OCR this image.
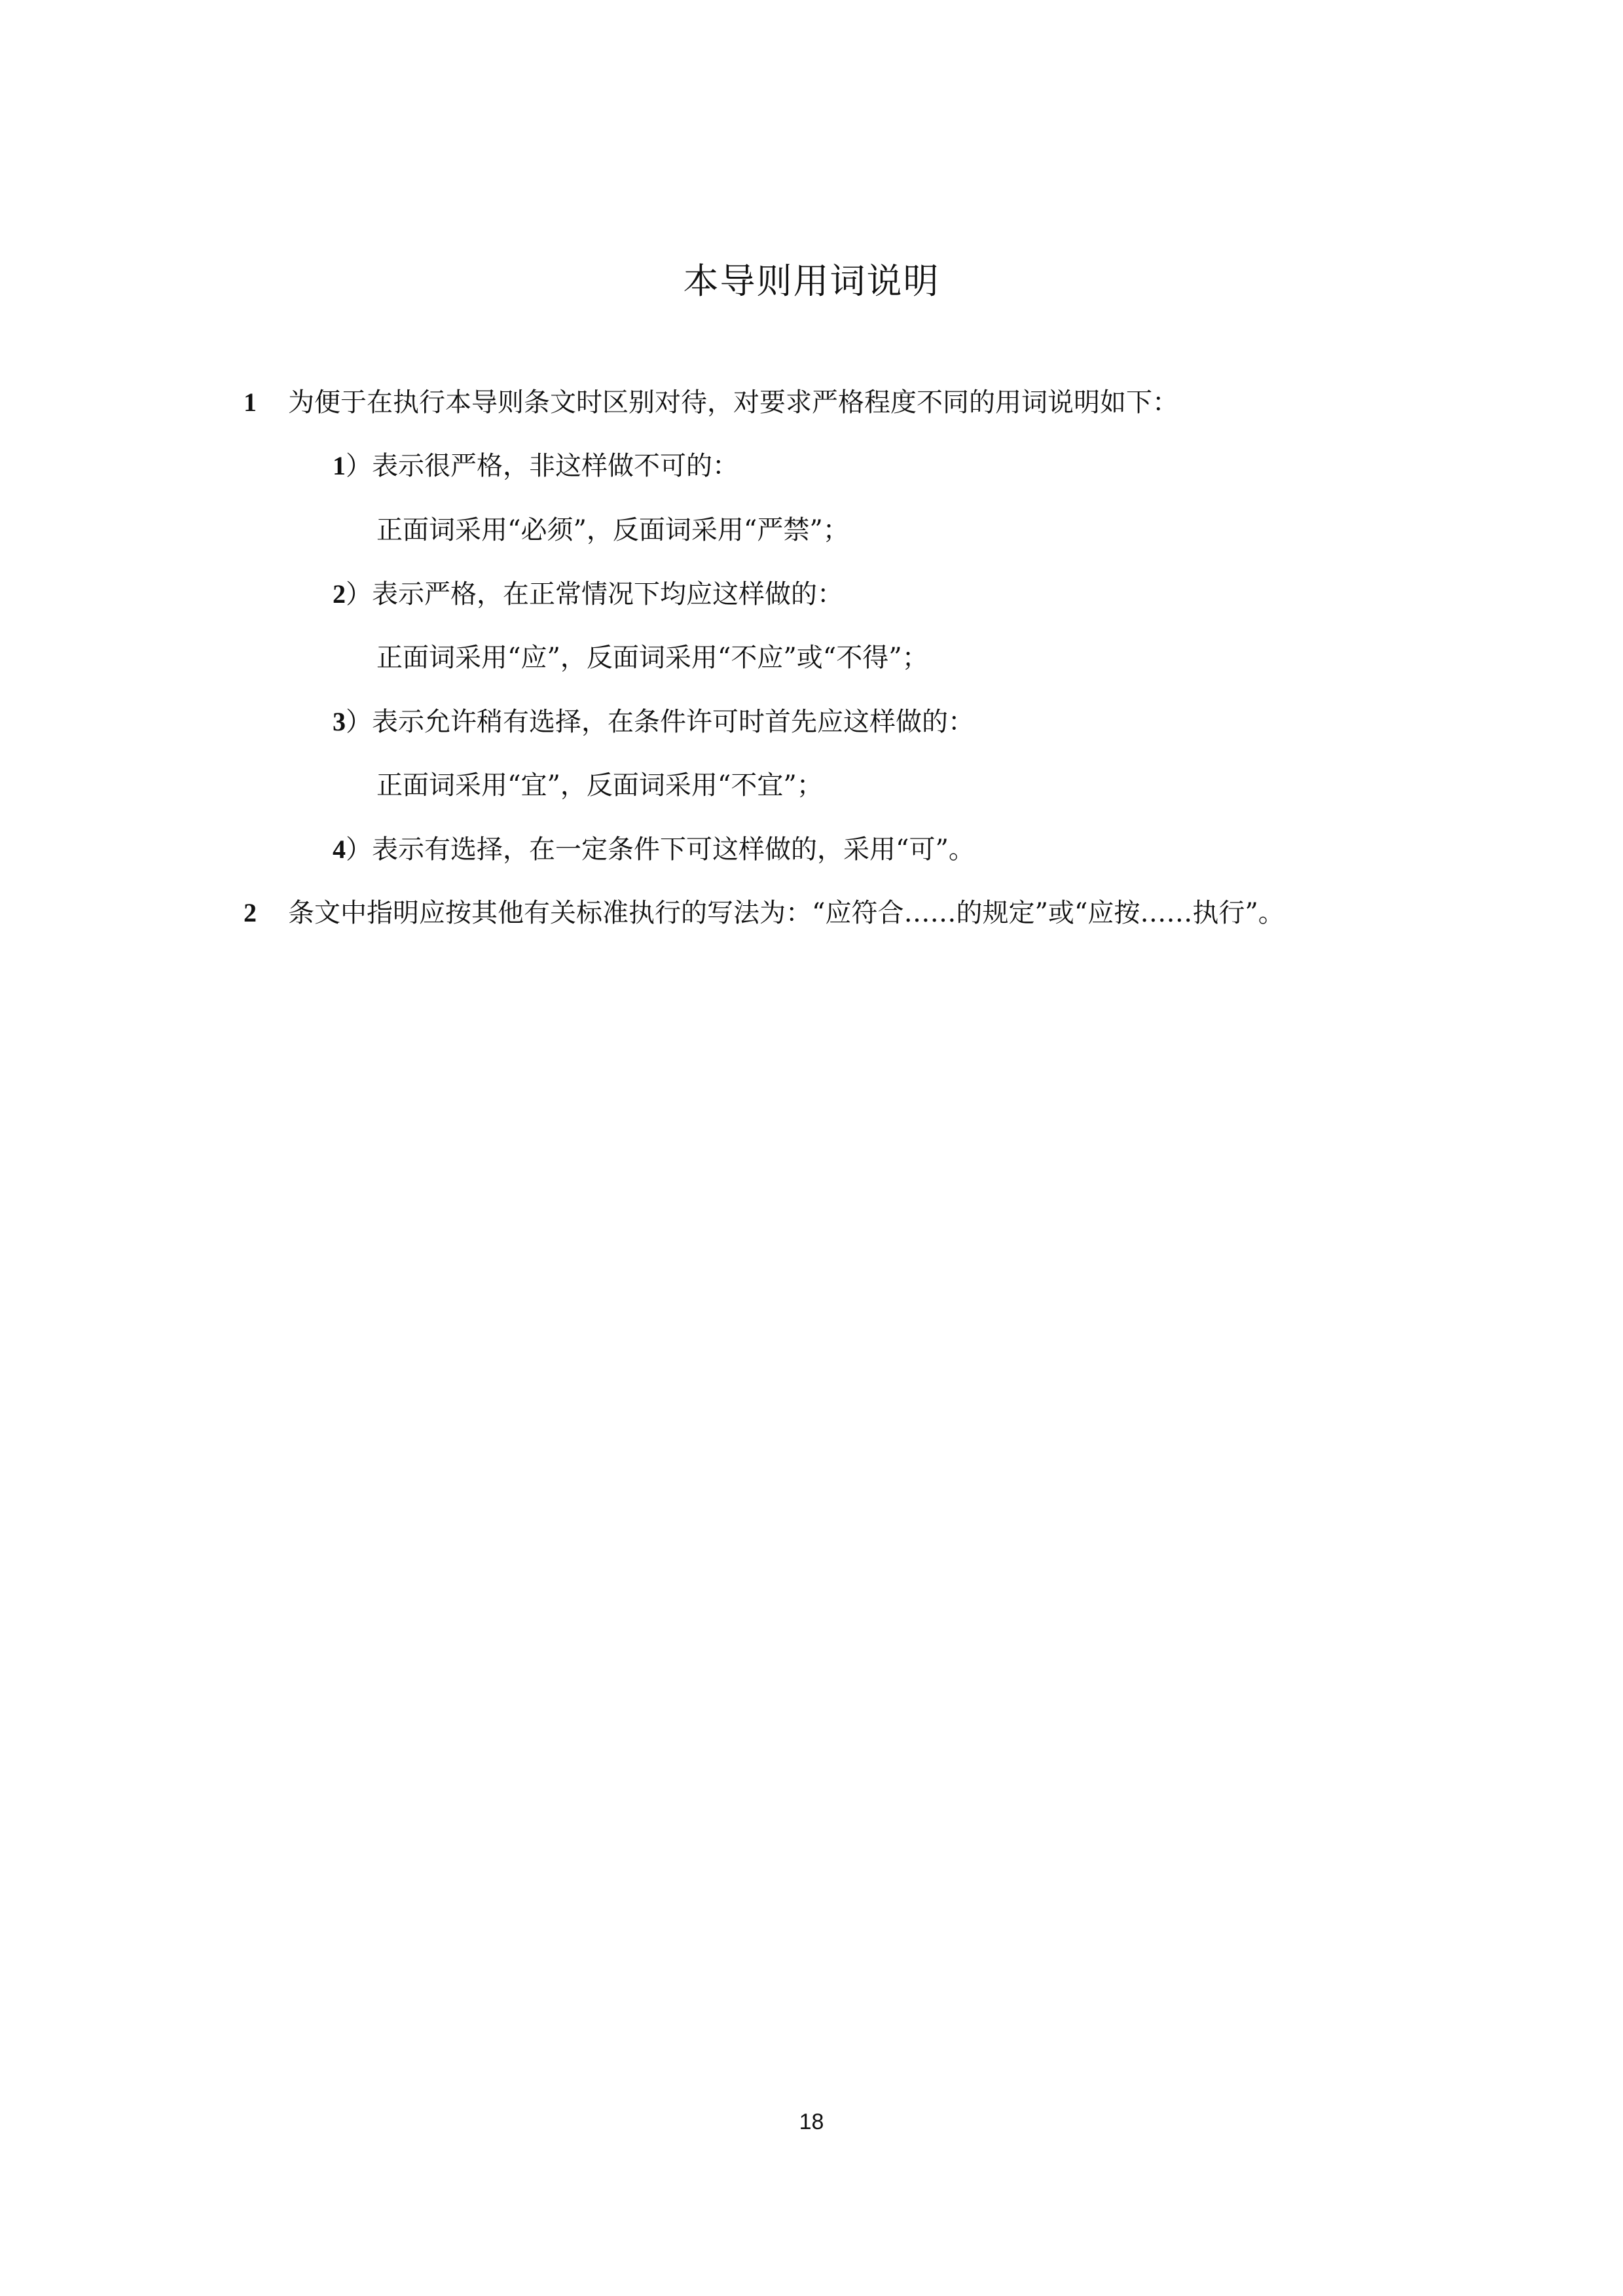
本导则用词说明
1 为便于在执行本导则条文时区别对待，对要求严格程度不同的用词说明如下：
1）表示很严格，非这样做不可的：
正面词采用“必须”，反面词采用“严禁”；
2）表示严格，在正常情况下均应这样做的：
正面词采用“应”，反面词采用“不应”或“不得”；
3）表示允许稍有选择，在条件许可时首先应这样做的：
正面词采用“宜”，反面词采用“不宜”；
4）表示有选择，在一定条件下可这样做的，采用“可”。
2 条文中指明应按其他有关标准执行的写法为：“应符合……的规定”或“应按……执行”。
18
